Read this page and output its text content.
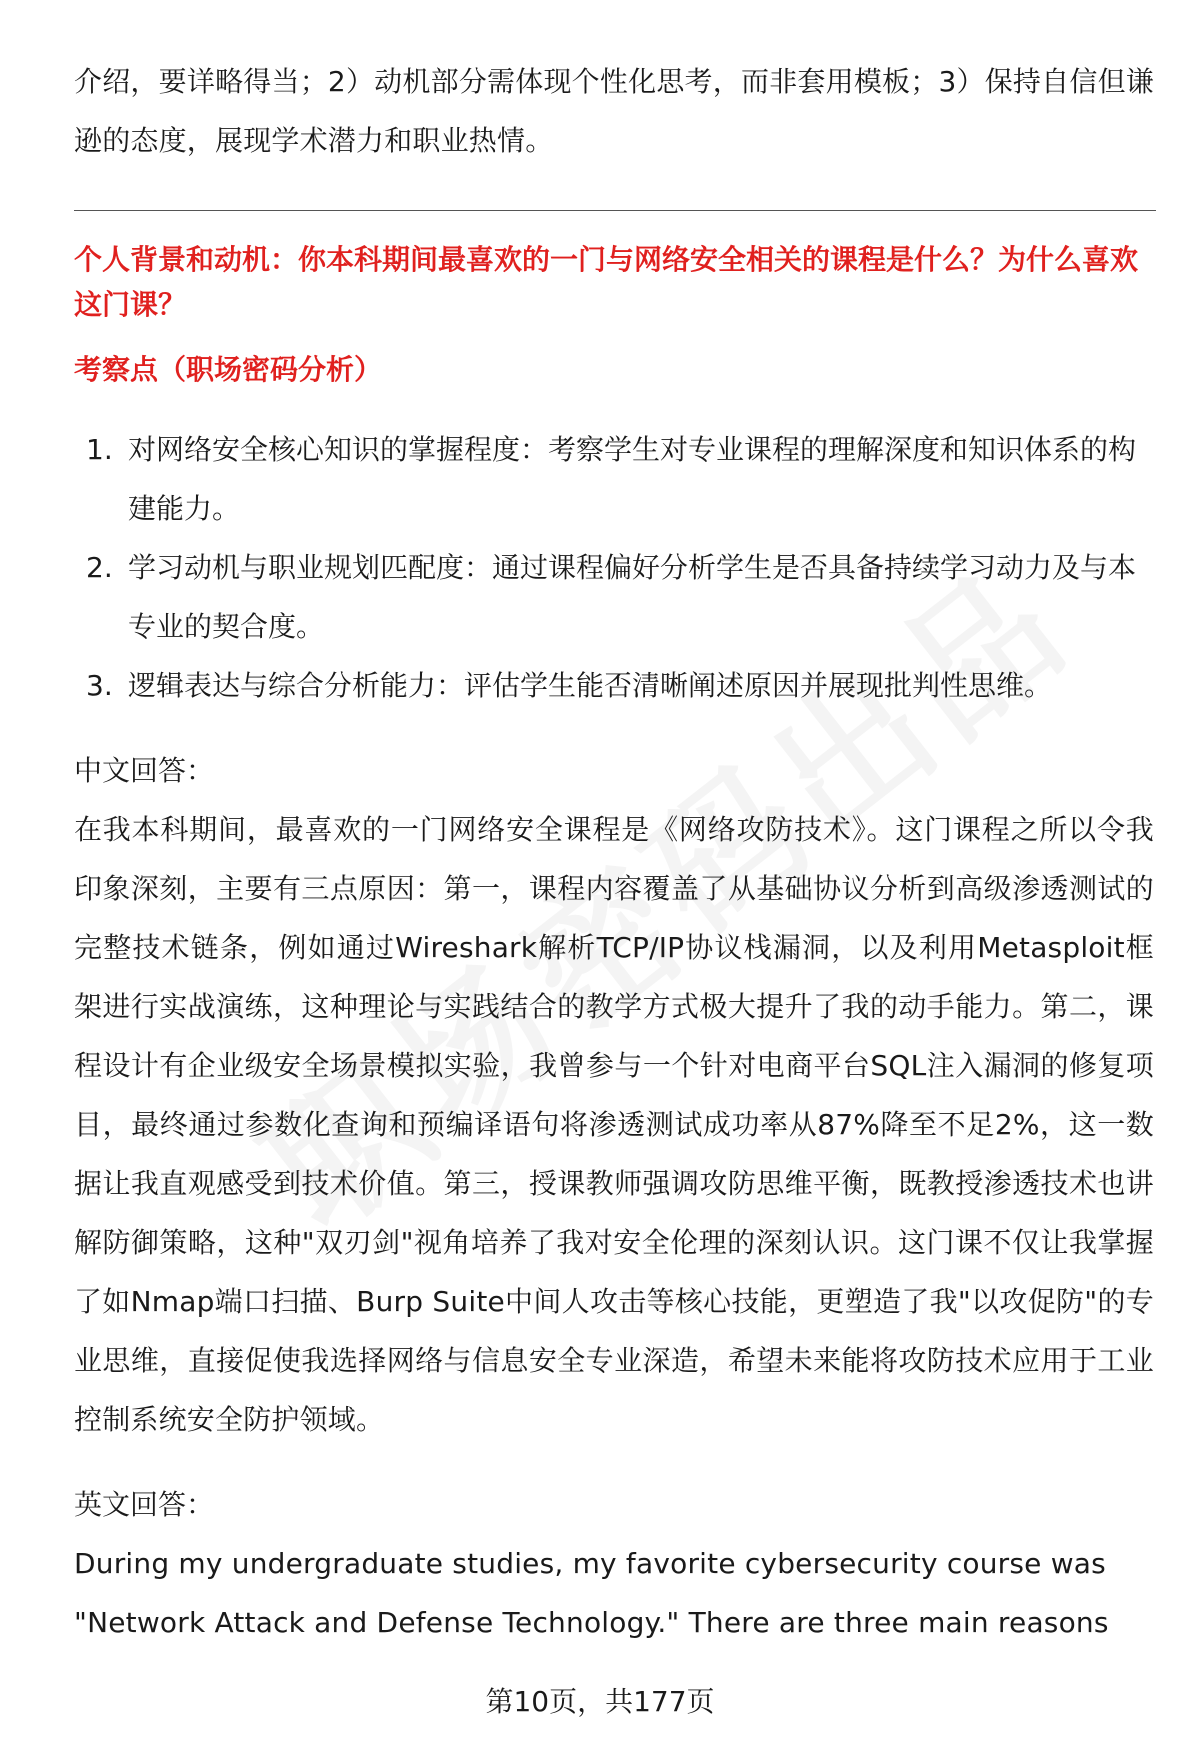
介绍，要详略得当；2）动机部分需体现个性化思考，而非套用模板；3）保持自信但谦逊的态度，展现学术潜力和职业热情。

个人背景和动机：你本科期间最喜欢的一门与网络安全相关的课程是什么？为什么喜欢这门课？

考察点（职场密码分析）

1. 对网络安全核心知识的掌握程度：考察学生对专业课程的理解深度和知识体系的构建能力。
2. 学习动机与职业规划匹配度：通过课程偏好分析学生是否具备持续学习动力及与本专业的契合度。
3. 逻辑表达与综合分析能力：评估学生能否清晰阐述原因并展现批判性思维。

中文回答：

在我本科期间，最喜欢的一门网络安全课程是《网络攻防技术》。这门课程之所以令我印象深刻，主要有三点原因：第一，课程内容覆盖了从基础协议分析到高级渗透测试的完整技术链条，例如通过Wireshark解析TCP/IP协议栈漏洞，以及利用Metasploit框架进行实战演练，这种理论与实践结合的教学方式极大提升了我的动手能力。第二，课程设计有企业级安全场景模拟实验，我曾参与一个针对电商平台SQL注入漏洞的修复项目，最终通过参数化查询和预编译语句将渗透测试成功率从87%降至不足2%，这一数据让我直观感受到技术价值。第三，授课教师强调攻防思维平衡，既教授渗透技术也讲解防御策略，这种"双刃剑"视角培养了我对安全伦理的深刻认识。这门课不仅让我掌握了如Nmap端口扫描、Burp Suite中间人攻击等核心技能，更塑造了我"以攻促防"的专业思维，直接促使我选择网络与信息安全专业深造，希望未来能将攻防技术应用于工业控制系统安全防护领域。

英文回答：

During my undergraduate studies, my favorite cybersecurity course was "Network Attack and Defense Technology." There are three main reasons

第10页，共177页
